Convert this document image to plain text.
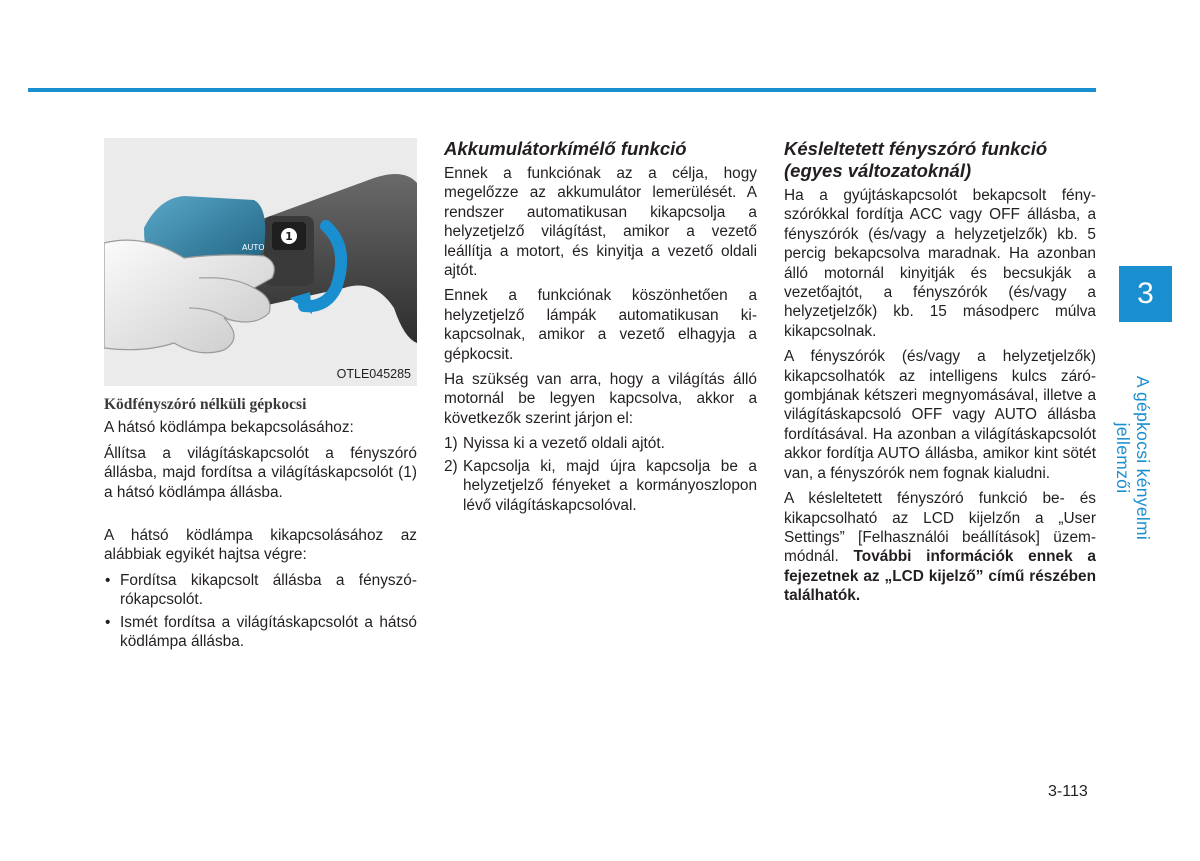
AUTO
1
OTLE045285

Ködfényszóró nélküli gépkocsi

A hátsó ködlámpa bekapcsolásához:

Állítsa a világításkapcsolót a fényszóró állásba, majd fordítsa a világításkapcsolót (1) a hátsó ködlámpa állásba.

A hátsó ködlámpa kikapcsolásához az alábbiak egyikét hajtsa végre:

• Fordítsa kikapcsolt állásba a fényszórókapcsolót.
• Ismét fordítsa a világításkapcsolót a hátsó ködlámpa állásba.
Akkumulátorkímélő funkció

Ennek a funkciónak az a célja, hogy megelőzze az akkumulátor lemerülését. A rendszer automatikusan kikapcsolja a helyzetjelző világítást, amikor a vezető leállítja a motort, és kinyitja a vezető oldali ajtót.

Ennek a funkciónak köszönhetően a helyzetjelző lámpák automatikusan kikapcsolnak, amikor a vezető elhagyja a gépkocsit.

Ha szükség van arra, hogy a világítás álló motornál be legyen kapcsolva, akkor a következők szerint járjon el:

1) Nyissa ki a vezető oldali ajtót.
2) Kapcsolja ki, majd újra kapcsolja be a helyzetjelző fényeket a kormányoszlopon lévő világításkapcsolóval.
Késleltetett fényszóró funkció (egyes változatoknál)

Ha a gyújtáskapcsolót bekapcsolt fényszórókkal fordítja ACC vagy OFF állásba, a fényszórók (és/vagy a helyzetjelzők) kb. 5 percig bekapcsolva maradnak. Ha azonban álló motornál kinyitják és becsukják a vezetőajtót, a fényszórók (és/vagy a helyzetjelzők) kb. 15 másodperc múlva kikapcsolnak.

A fényszórók (és/vagy a helyzetjelzők) kikapcsolhatók az intelligens kulcs zárógombjának kétszeri megnyomásával, illetve a világításkapcsoló OFF vagy AUTO állásba fordításával. Ha azonban a világításkapcsolót akkor fordítja AUTO állásba, amikor kint sötét van, a fényszórók nem fognak kialudni.

A késleltetett fényszóró funkció be- és kikapcsolható az LCD kijelzőn a „User Settings” [Felhasználói beállítások] üzemmódnál. További információk ennek a fejezetnek az „LCD kijelző” című részében találhatók.

3
A gépkocsi kényelmi jellemzői
3-113
